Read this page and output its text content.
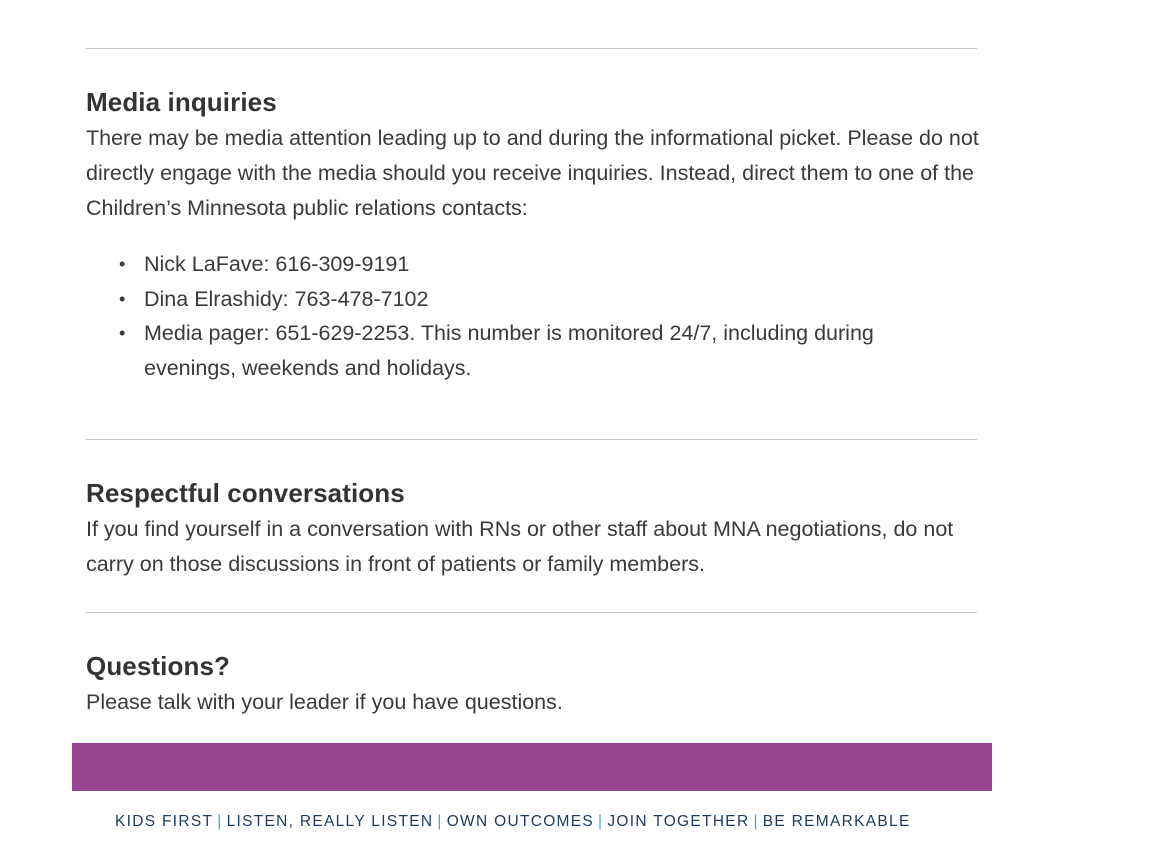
Media inquiries

There may be media attention leading up to and during the informational picket. Please do not directly engage with the media should you receive inquiries. Instead, direct them to one of the Children’s Minnesota public relations contacts:

• Nick LaFave: 616-309-9191
• Dina Elrashidy: 763-478-7102
• Media pager: 651-629-2253. This number is monitored 24/7, including during evenings, weekends and holidays.
Respectful conversations

If you find yourself in a conversation with RNs or other staff about MNA negotiations, do not carry on those discussions in front of patients or family members.

Questions?

Please talk with your leader if you have questions.

KIDS FIRST | LISTEN, REALLY LISTEN | OWN OUTCOMES | JOIN TOGETHER | BE REMARKABLE
